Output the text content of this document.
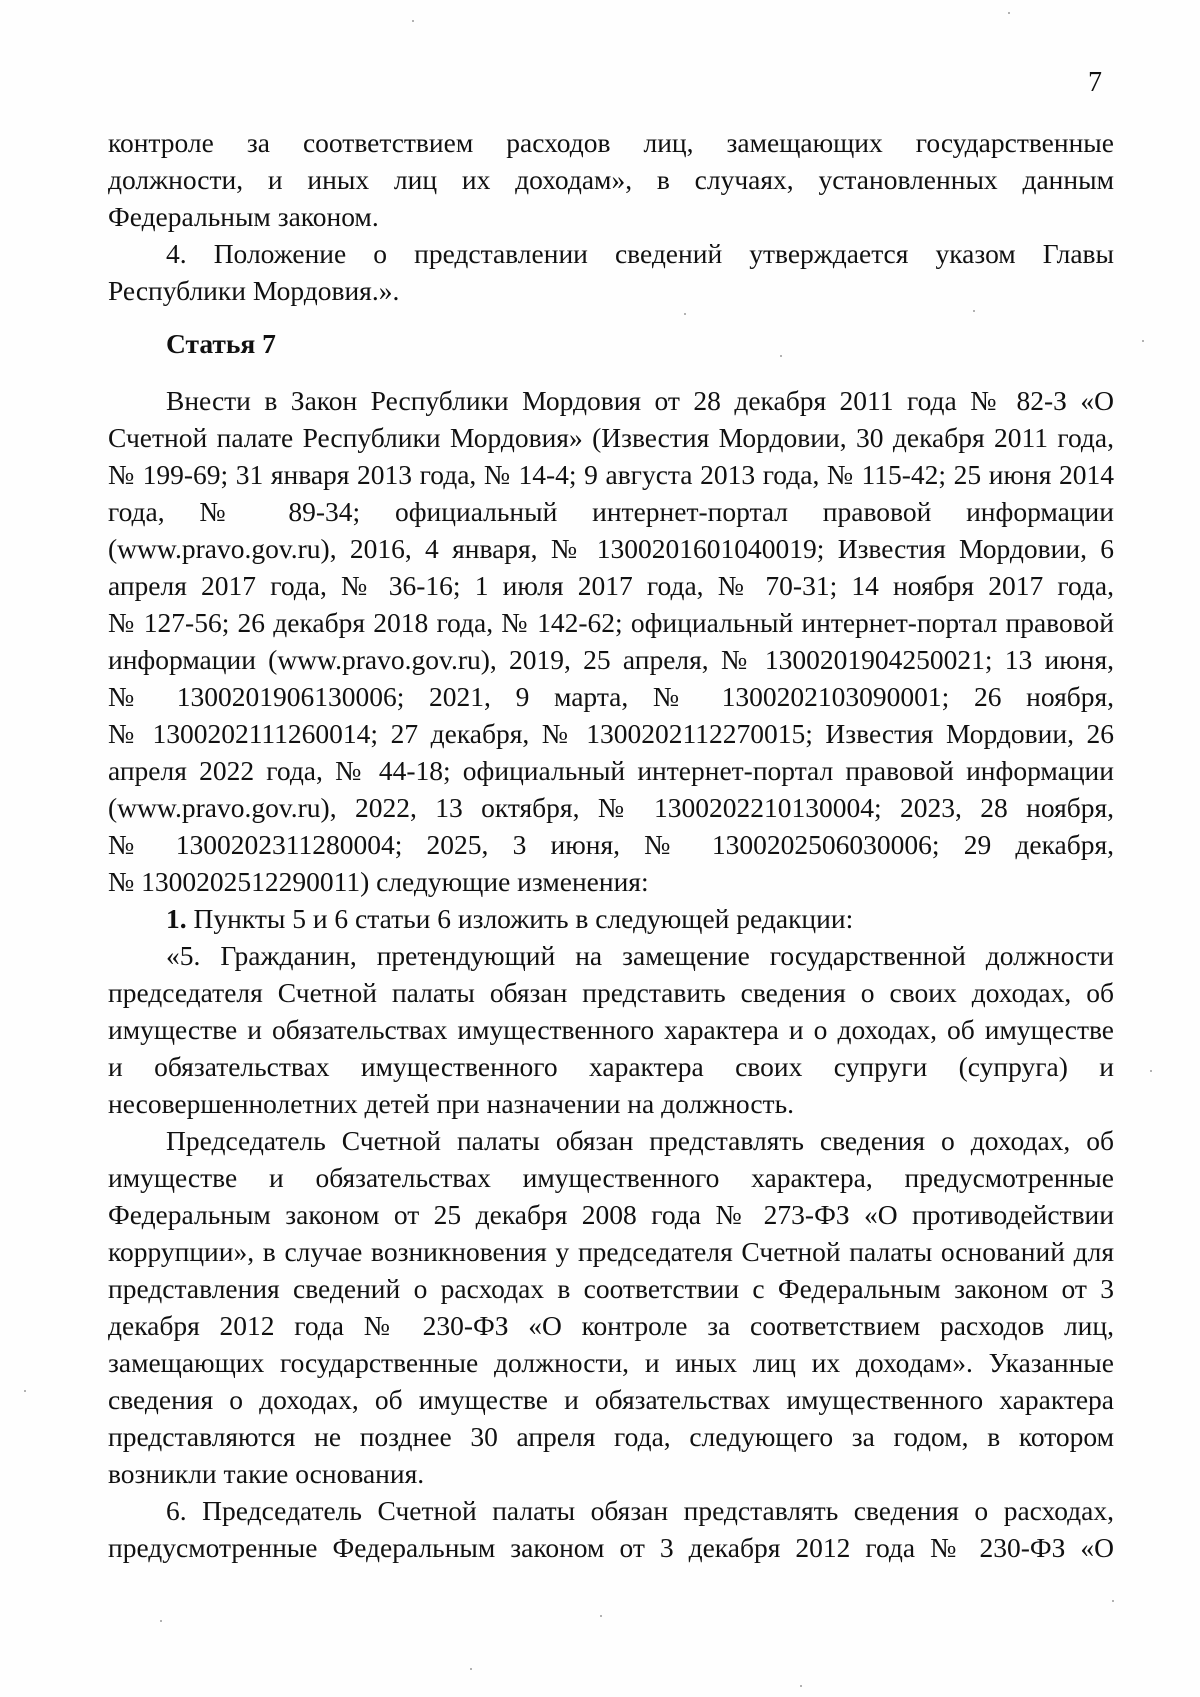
7
контроле за соответствием расходов лиц, замещающих государственные
должности, и иных лиц их доходам», в случаях, установленных данным
Федеральным законом.
4. Положение о представлении сведений утверждается указом Главы
Республики Мордовия.».
Статья 7
Внести в Закон Республики Мордовия от 28 декабря 2011 года № 82-З «О
Счетной палате Республики Мордовия» (Известия Мордовии, 30 декабря 2011 года,
№ 199-69; 31 января 2013 года, № 14-4; 9 августа 2013 года, № 115-42; 25 июня 2014
года, № 89-34; официальный интернет-портал правовой информации
(www.pravo.gov.ru), 2016, 4 января, № 1300201601040019; Известия Мордовии, 6
апреля 2017 года, № 36-16; 1 июля 2017 года, № 70-31; 14 ноября 2017 года,
№ 127-56; 26 декабря 2018 года, № 142-62; официальный интернет-портал правовой
информации (www.pravo.gov.ru), 2019, 25 апреля, № 1300201904250021; 13 июня,
№ 1300201906130006; 2021, 9 марта, № 1300202103090001; 26 ноября,
№ 1300202111260014; 27 декабря, № 1300202112270015; Известия Мордовии, 26
апреля 2022 года, № 44-18; официальный интернет-портал правовой информации
(www.pravo.gov.ru), 2022, 13 октября, № 1300202210130004; 2023, 28 ноября,
№ 1300202311280004; 2025, 3 июня, № 1300202506030006; 29 декабря,
№ 1300202512290011) следующие изменения:
1. Пункты 5 и 6 статьи 6 изложить в следующей редакции:
«5. Гражданин, претендующий на замещение государственной должности
председателя Счетной палаты обязан представить сведения о своих доходах, об
имуществе и обязательствах имущественного характера и о доходах, об имуществе
и обязательствах имущественного характера своих супруги (супруга) и
несовершеннолетних детей при назначении на должность.
Председатель Счетной палаты обязан представлять сведения о доходах, об
имуществе и обязательствах имущественного характера, предусмотренные
Федеральным законом от 25 декабря 2008 года № 273-ФЗ «О противодействии
коррупции», в случае возникновения у председателя Счетной палаты оснований для
представления сведений о расходах в соответствии с Федеральным законом от 3
декабря 2012 года № 230-ФЗ «О контроле за соответствием расходов лиц,
замещающих государственные должности, и иных лиц их доходам». Указанные
сведения о доходах, об имуществе и обязательствах имущественного характера
представляются не позднее 30 апреля года, следующего за годом, в котором
возникли такие основания.
6. Председатель Счетной палаты обязан представлять сведения о расходах,
предусмотренные Федеральным законом от 3 декабря 2012 года № 230-ФЗ «О
